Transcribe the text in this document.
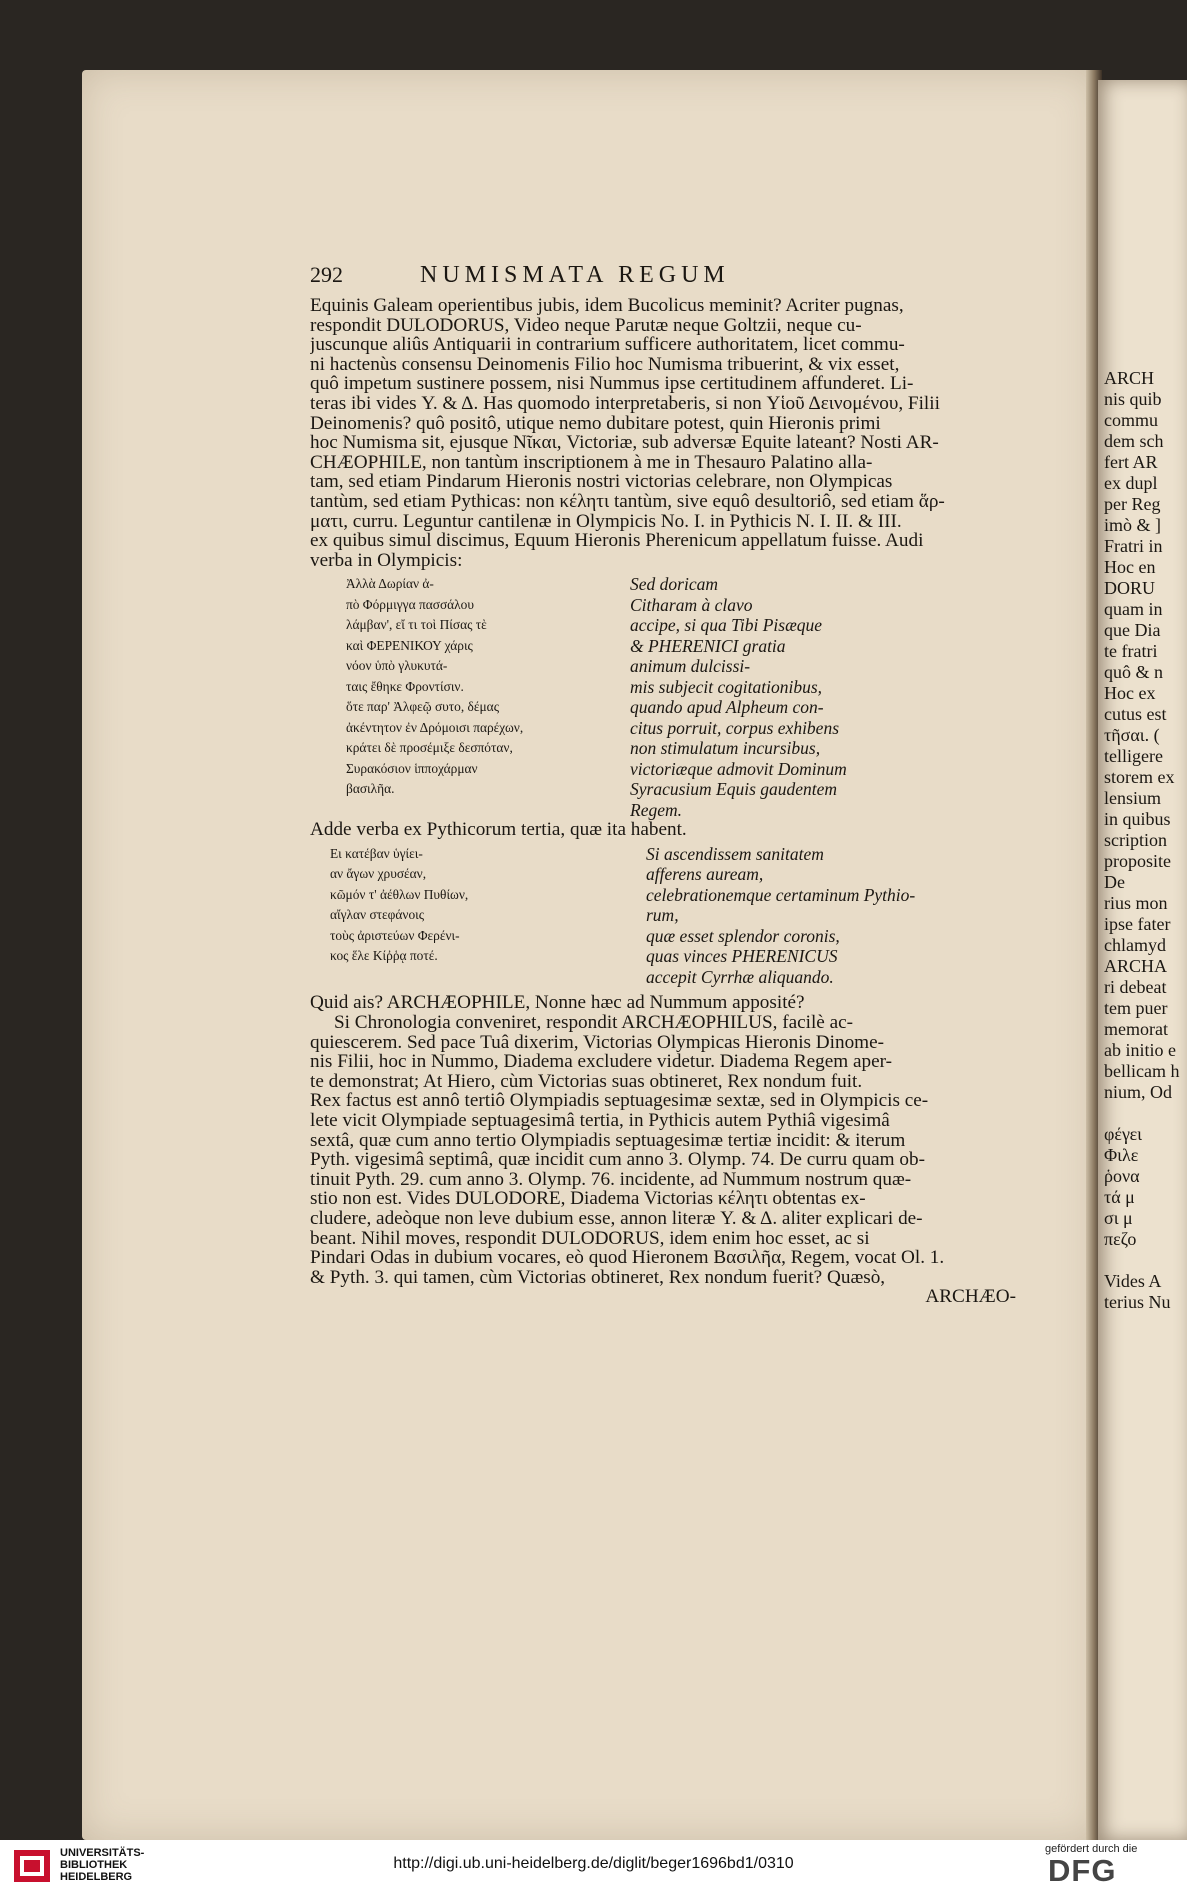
ARCH
nis quib
commu
dem sch
fert AR
ex dupl
per Reg
imò & ]
Fratri in
Hoc en
DORU
quam in
que Dia
te fratri
quô & n
Hoc ex
cutus est
τῆσαι. (
telligere
storem ex
lensium
in quibus
scription
proposite
De
rius mon
ipse fater
chlamyd
ARCHA
ri debeat
tem puer
memorat
ab initio e
bellicam h
nium, Od
φέγει
Φιλε
ῥονα
τά μ
σι μ
πεζο
Vides A
terius Nu
292	NUMISMATA REGUM
Equinis Galeam operientibus jubis, idem Bucolicus meminit? Acriter pugnas,
respondit DULODORUS, Video neque Parutæ neque Goltzii, neque cu-
juscunque aliûs Antiquarii in contrarium sufficere authoritatem, licet commu-
ni hactenùs consensu Deinomenis Filio hoc Numisma tribuerint, & vix esset,
quô impetum sustinere possem, nisi Nummus ipse certitudinem affunderet. Li-
teras ibi vides Υ. & Δ. Has quomodo interpretaberis, si non Υἱοῦ Δεινομένου, Filii
Deinomenis? quô positô, utique nemo dubitare potest, quin Hieronis primi
hoc Numisma sit, ejusque Νῖκαι, Victoriæ, sub adversæ Equite lateant? Nosti AR-
CHÆOPHILE, non tantùm inscriptionem à me in Thesauro Palatino alla-
tam, sed etiam Pindarum Hieronis nostri victorias celebrare, non Olympicas
tantùm, sed etiam Pythicas: non κέλητι tantùm, sive equô desultoriô, sed etiam ἅρ-
ματι, curru. Leguntur cantilenæ in Olympicis No. I. in Pythicis N. I. II. & III.
ex quibus simul discimus, Equum Hieronis Pherenicum appellatum fuisse. Audi
verba in Olympicis:
Ἀλλὰ Δωρίαν ἀ-
πὸ Φόρμιγγα πασσάλου
λάμβαν', εἴ τι τοὶ Πίσας τὲ
καὶ ΦΕΡΕΝΙΚΟΥ χάρις
νόον ὑπὸ γλυκυτά-
ταις ἔθηκε Φροντίσιν.
ὅτε παρ' Ἀλφεῷ συτο, δέμας
ἀκέντητον ἐν Δρόμοισι παρέχων,
κράτει δὲ προσέμιξε δεσπόταν,
Συρακόσιον ἱπποχάρμαν
βασιλῆα.
Sed doricam
Citharam à clavo
accipe, si qua Tibi Pisæque
& PHERENICI gratia
animum dulcissi-
mis subjecit cogitationibus,
quando apud Alpheum con-
citus porruit, corpus exhibens
non stimulatum incursibus,
victoriæque admovit Dominum
Syracusium Equis gaudentem
Regem.

Adde verba ex Pythicorum tertia, quæ ita habent.

Ει κατέβαν ὑγίει-
αν ἄγων χρυσέαν,
κῶμόν τ' ἀέθλων Πυθίων,
αἴγλαν στεφάνοις
τοὺς ἀριστεύων Φερένι-
κος ἕλε Κίῤῥᾳ ποτέ.
Si ascendissem sanitatem
afferens auream,
celebrationemque certaminum Pythio-
rum,
quæ esset splendor coronis,
quas vinces PHERENICUS
accepit Cyrrhæ aliquando.

Quid ais? ARCHÆOPHILE, Nonne hæc ad Nummum apposité?

Si Chronologia conveniret, respondit ARCHÆOPHILUS, facilè ac-
quiescerem. Sed pace Tuâ dixerim, Victorias Olympicas Hieronis Dinome-
nis Filii, hoc in Nummo, Diadema excludere videtur. Diadema Regem aper-
te demonstrat; At Hiero, cùm Victorias suas obtineret, Rex nondum fuit.
Rex factus est annô tertiô Olympiadis septuagesimæ sextæ, sed in Olympicis ce-
lete vicit Olympiade septuagesimâ tertia, in Pythicis autem Pythiâ vigesimâ
sextâ, quæ cum anno tertio Olympiadis septuagesimæ tertiæ incidit: & iterum
Pyth. vigesimâ septimâ, quæ incidit cum anno 3. Olymp. 74. De curru quam ob-
tinuit Pyth. 29. cum anno 3. Olymp. 76. incidente, ad Nummum nostrum quæ-
stio non est. Vides DULODORE, Diadema Victorias κέλητι obtentas ex-
cludere, adeòque non leve dubium esse, annon literæ Υ. & Δ. aliter explicari de-
beant. Nihil moves, respondit DULODORUS, idem enim hoc esset, ac si
Pindari Odas in dubium vocares, eò quod Hieronem Βασιλῆα, Regem, vocat Ol. 1.
& Pyth. 3. qui tamen, cùm Victorias obtineret, Rex nondum fuerit? Quæsò,

ARCHÆO-

UNIVERSITÄTS-
BIBLIOTHEK
HEIDELBERG
http://digi.ub.uni-heidelberg.de/diglit/beger1696bd1/0310
gefördert durch die
DFG
